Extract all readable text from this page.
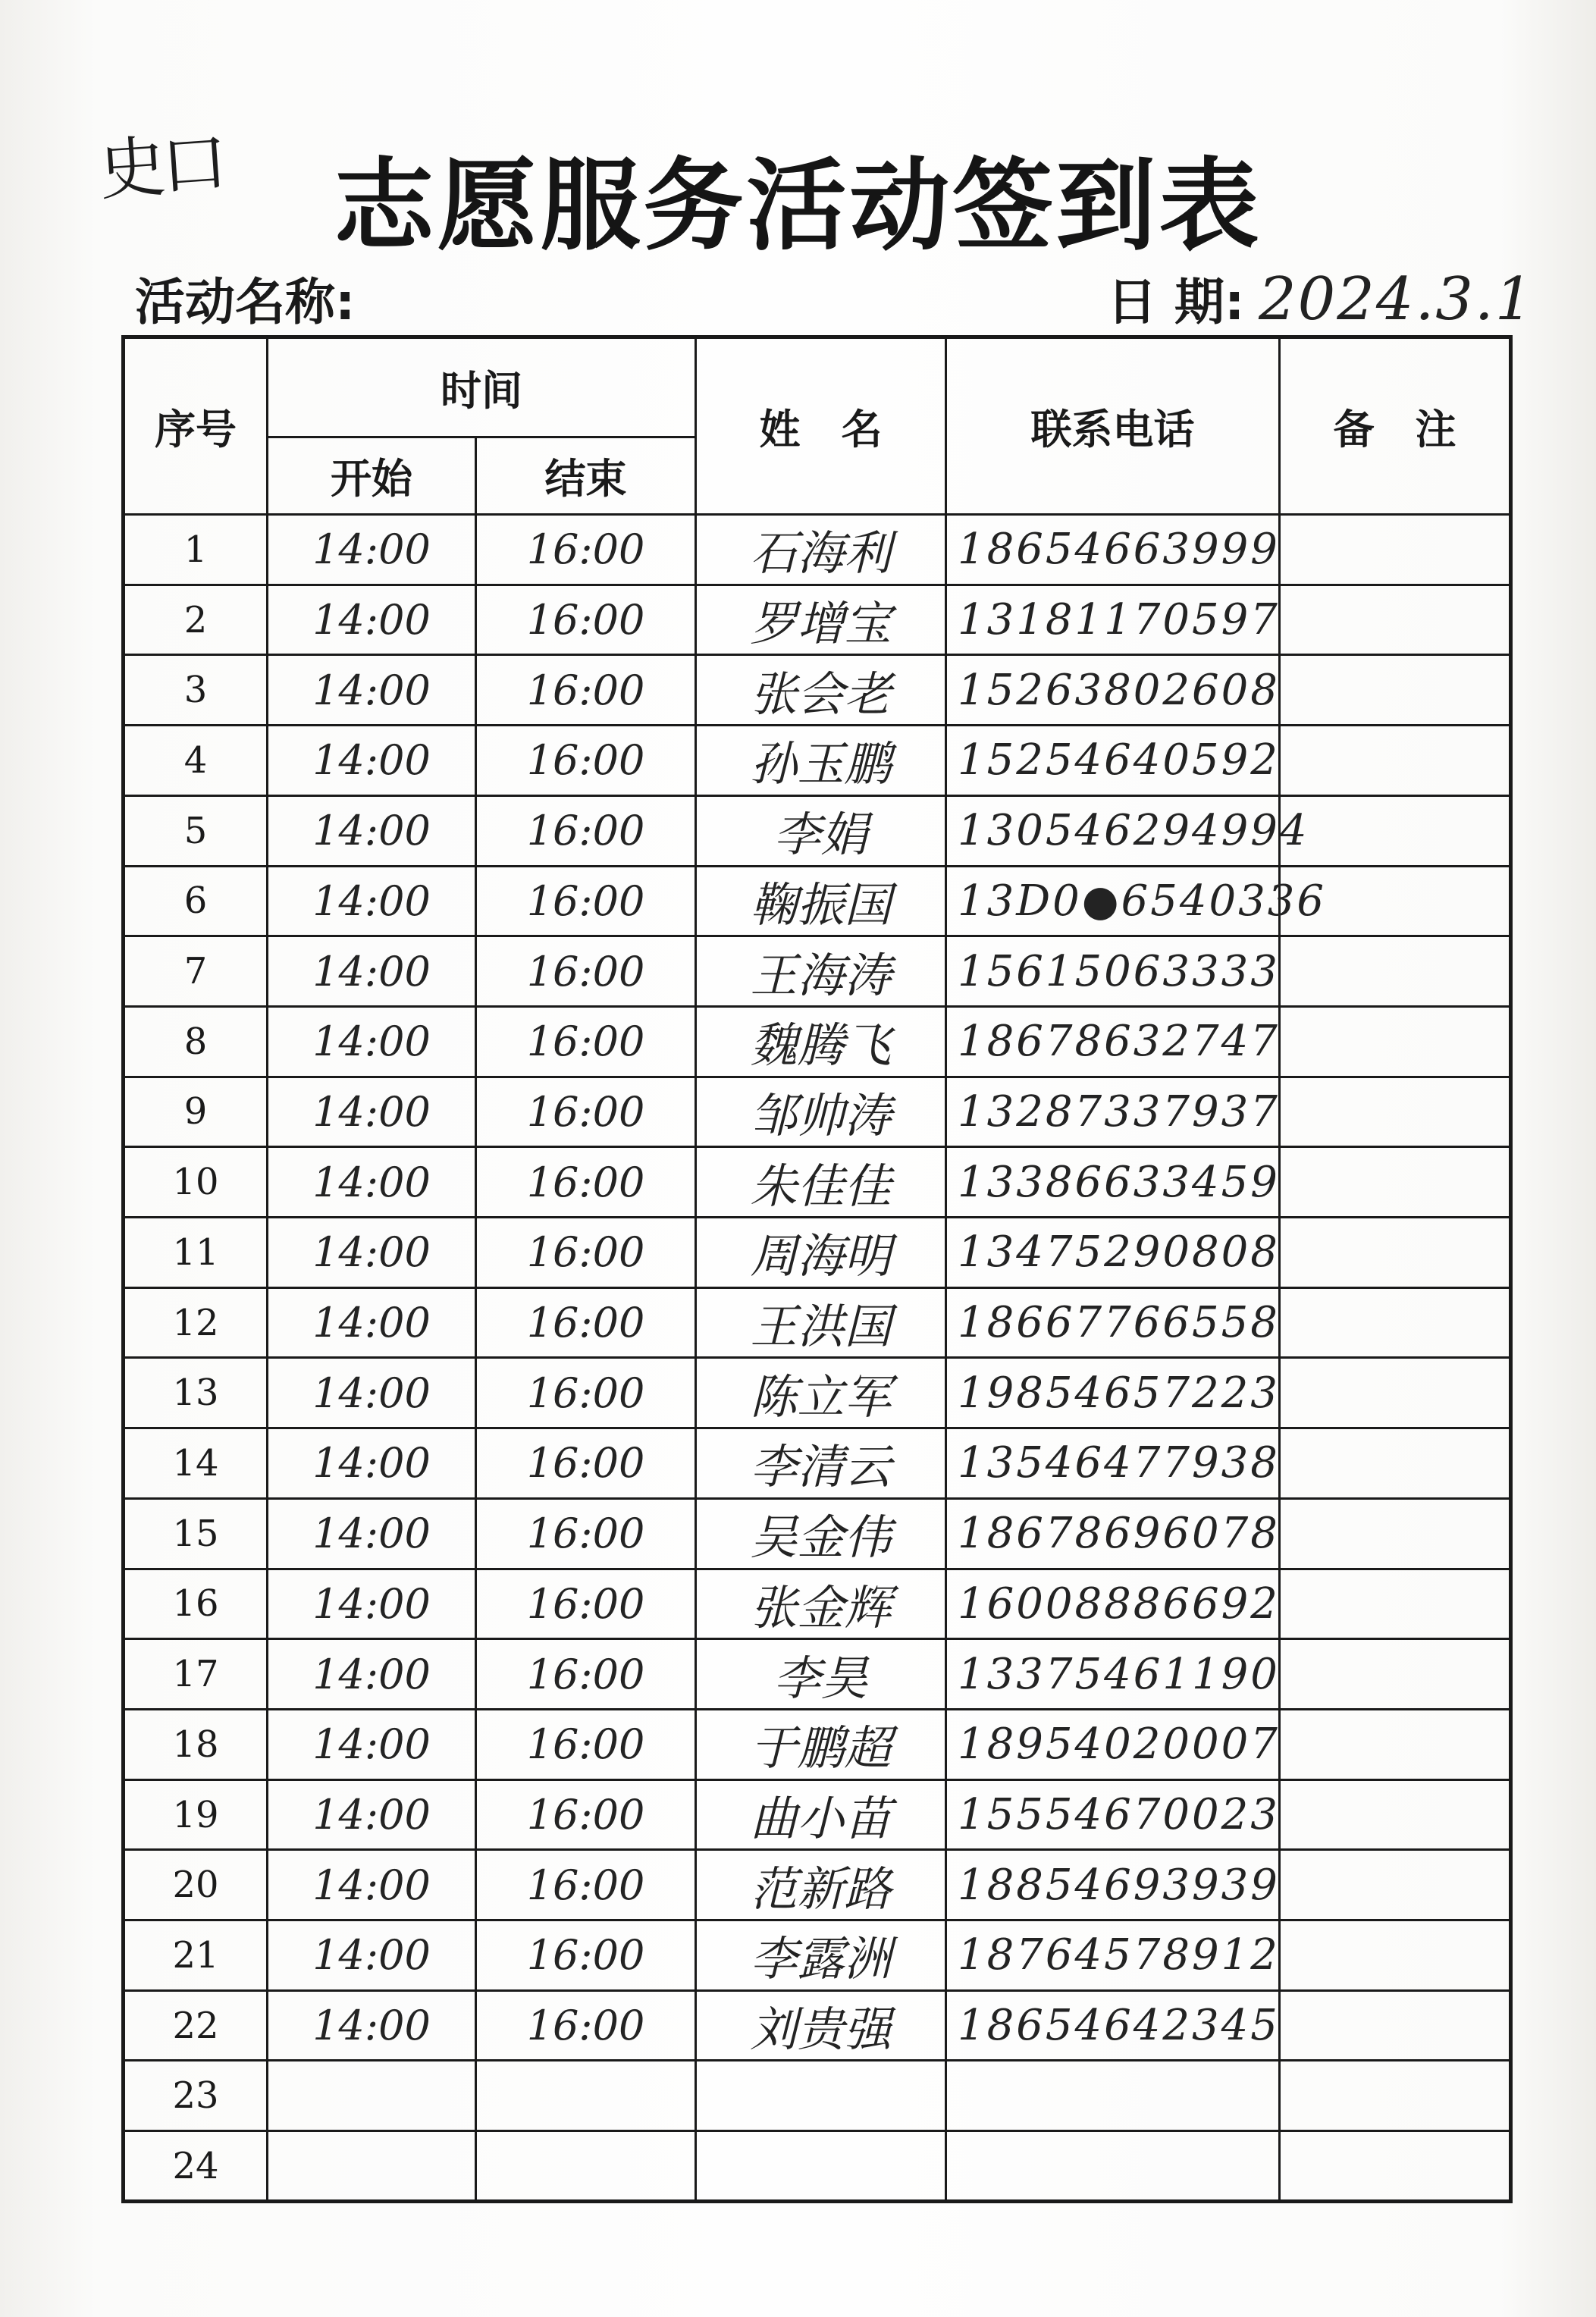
史口	志愿服务活动签到表
活动名称:	日 期: 2024.3.1
序号	时间		姓　名	联系电话	备　注
	开始	结束			
1	14:00	16:00	石海利	18654663999	
2	14:00	16:00	罗增宝	13181170597	
3	14:00	16:00	张会老	15263802608	
4	14:00	16:00	孙玉鹏	15254640592	
5	14:00	16:00	李娟	130546294994	
6	14:00	16:00	鞠振国	13D0●6540336	
7	14:00	16:00	王海涛	15615063333	
8	14:00	16:00	魏腾飞	18678632747	
9	14:00	16:00	邹帅涛	13287337937	
10	14:00	16:00	朱佳佳	13386633459	
11	14:00	16:00	周海明	13475290808	
12	14:00	16:00	王洪国	18667766558	
13	14:00	16:00	陈立军	19854657223	
14	14:00	16:00	李清云	13546477938	
15	14:00	16:00	吴金伟	18678696078	
16	14:00	16:00	张金辉	16008886692	
17	14:00	16:00	李昊	13375461190	
18	14:00	16:00	于鹏超	18954020007	
19	14:00	16:00	曲小苗	15554670023	
20	14:00	16:00	范新路	18854693939	
21	14:00	16:00	李露洲	18764578912	
22	14:00	16:00	刘贵强	18654642345	
23					
24					
